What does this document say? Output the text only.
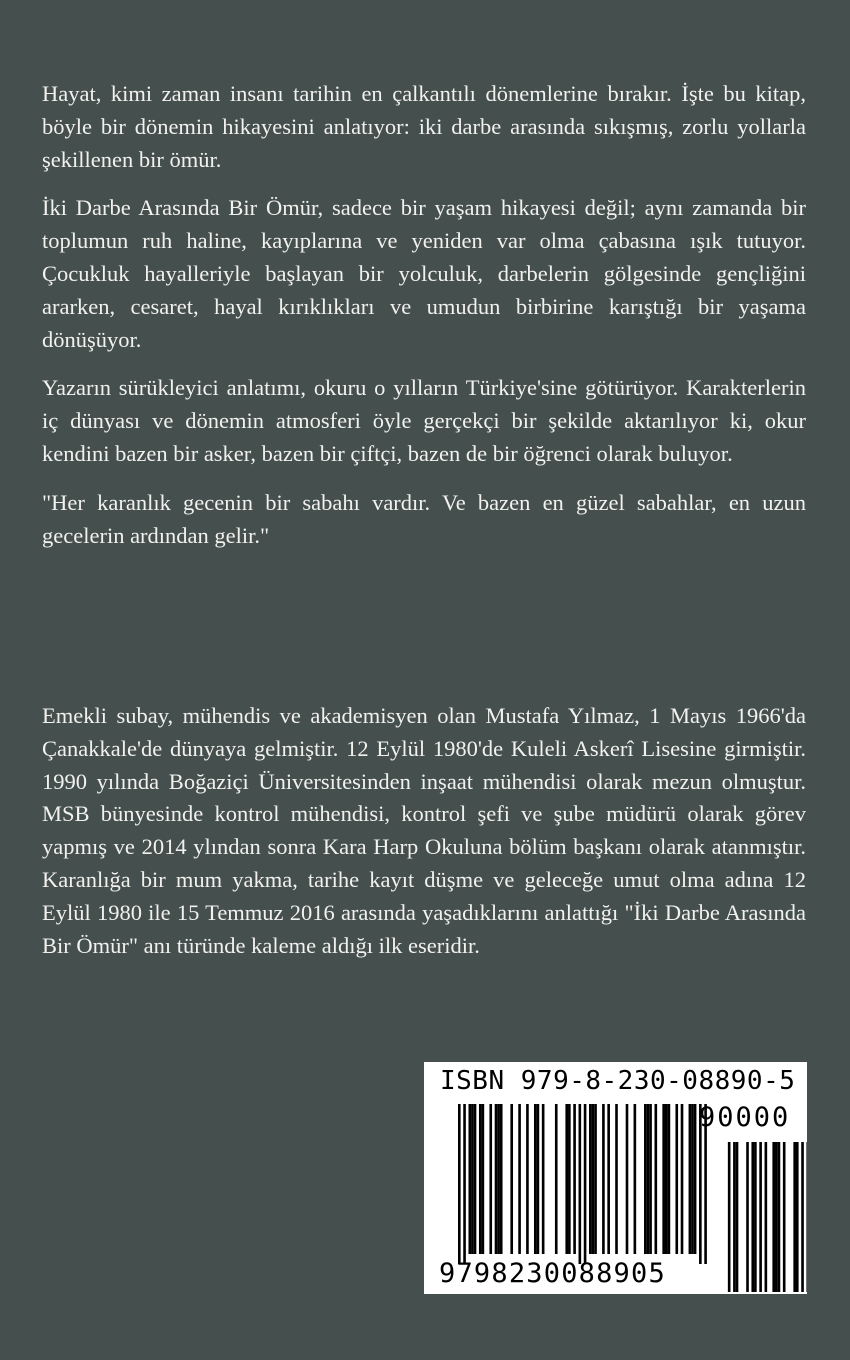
Hayat, kimi zaman insanı tarihin en çalkantılı dönemlerine bırakır. İşte bu kitap, böyle bir dönemin hikayesini anlatıyor: iki darbe arasında sıkışmış, zorlu yollarla şekillenen bir ömür.

İki Darbe Arasında Bir Ömür, sadece bir yaşam hikayesi değil; aynı zamanda bir toplumun ruh haline, kayıplarına ve yeniden var olma çabasına ışık tutuyor. Çocukluk hayalleriyle başlayan bir yolculuk, darbelerin gölgesinde gençliğini ararken, cesaret, hayal kırıklıkları ve umudun birbirine karıştığı bir yaşama dönüşüyor.

Yazarın sürükleyici anlatımı, okuru o yılların Türkiye'sine götürüyor. Karakterlerin iç dünyası ve dönemin atmosferi öyle gerçekçi bir şekilde aktarılıyor ki, okur kendini bazen bir asker, bazen bir çiftçi, bazen de bir öğrenci olarak buluyor.

"Her karanlık gecenin bir sabahı vardır. Ve bazen en güzel sabahlar, en uzun gecelerin ardından gelir."

Emekli subay, mühendis ve akademisyen olan Mustafa Yılmaz, 1 Mayıs 1966'da Çanakkale'de dünyaya gelmiştir. 12 Eylül 1980'de Kuleli Askerî Lisesine girmiştir. 1990 yılında Boğaziçi Üniversitesinden inşaat mühendisi olarak mezun olmuştur. MSB bünyesinde kontrol mühendisi, kontrol şefi ve şube müdürü olarak görev yapmış ve 2014 ylından sonra Kara Harp Okuluna bölüm başkanı olarak atanmıştır. Karanlığa bir mum yakma, tarihe kayıt düşme ve geleceğe umut olma adına 12 Eylül 1980 ile 15 Temmuz 2016 arasında yaşadıklarını anlattığı "İki Darbe Arasında Bir Ömür" anı türünde kaleme aldığı ilk eseridir.

ISBN 979-8-230-08890-5
9798230088905
90000
